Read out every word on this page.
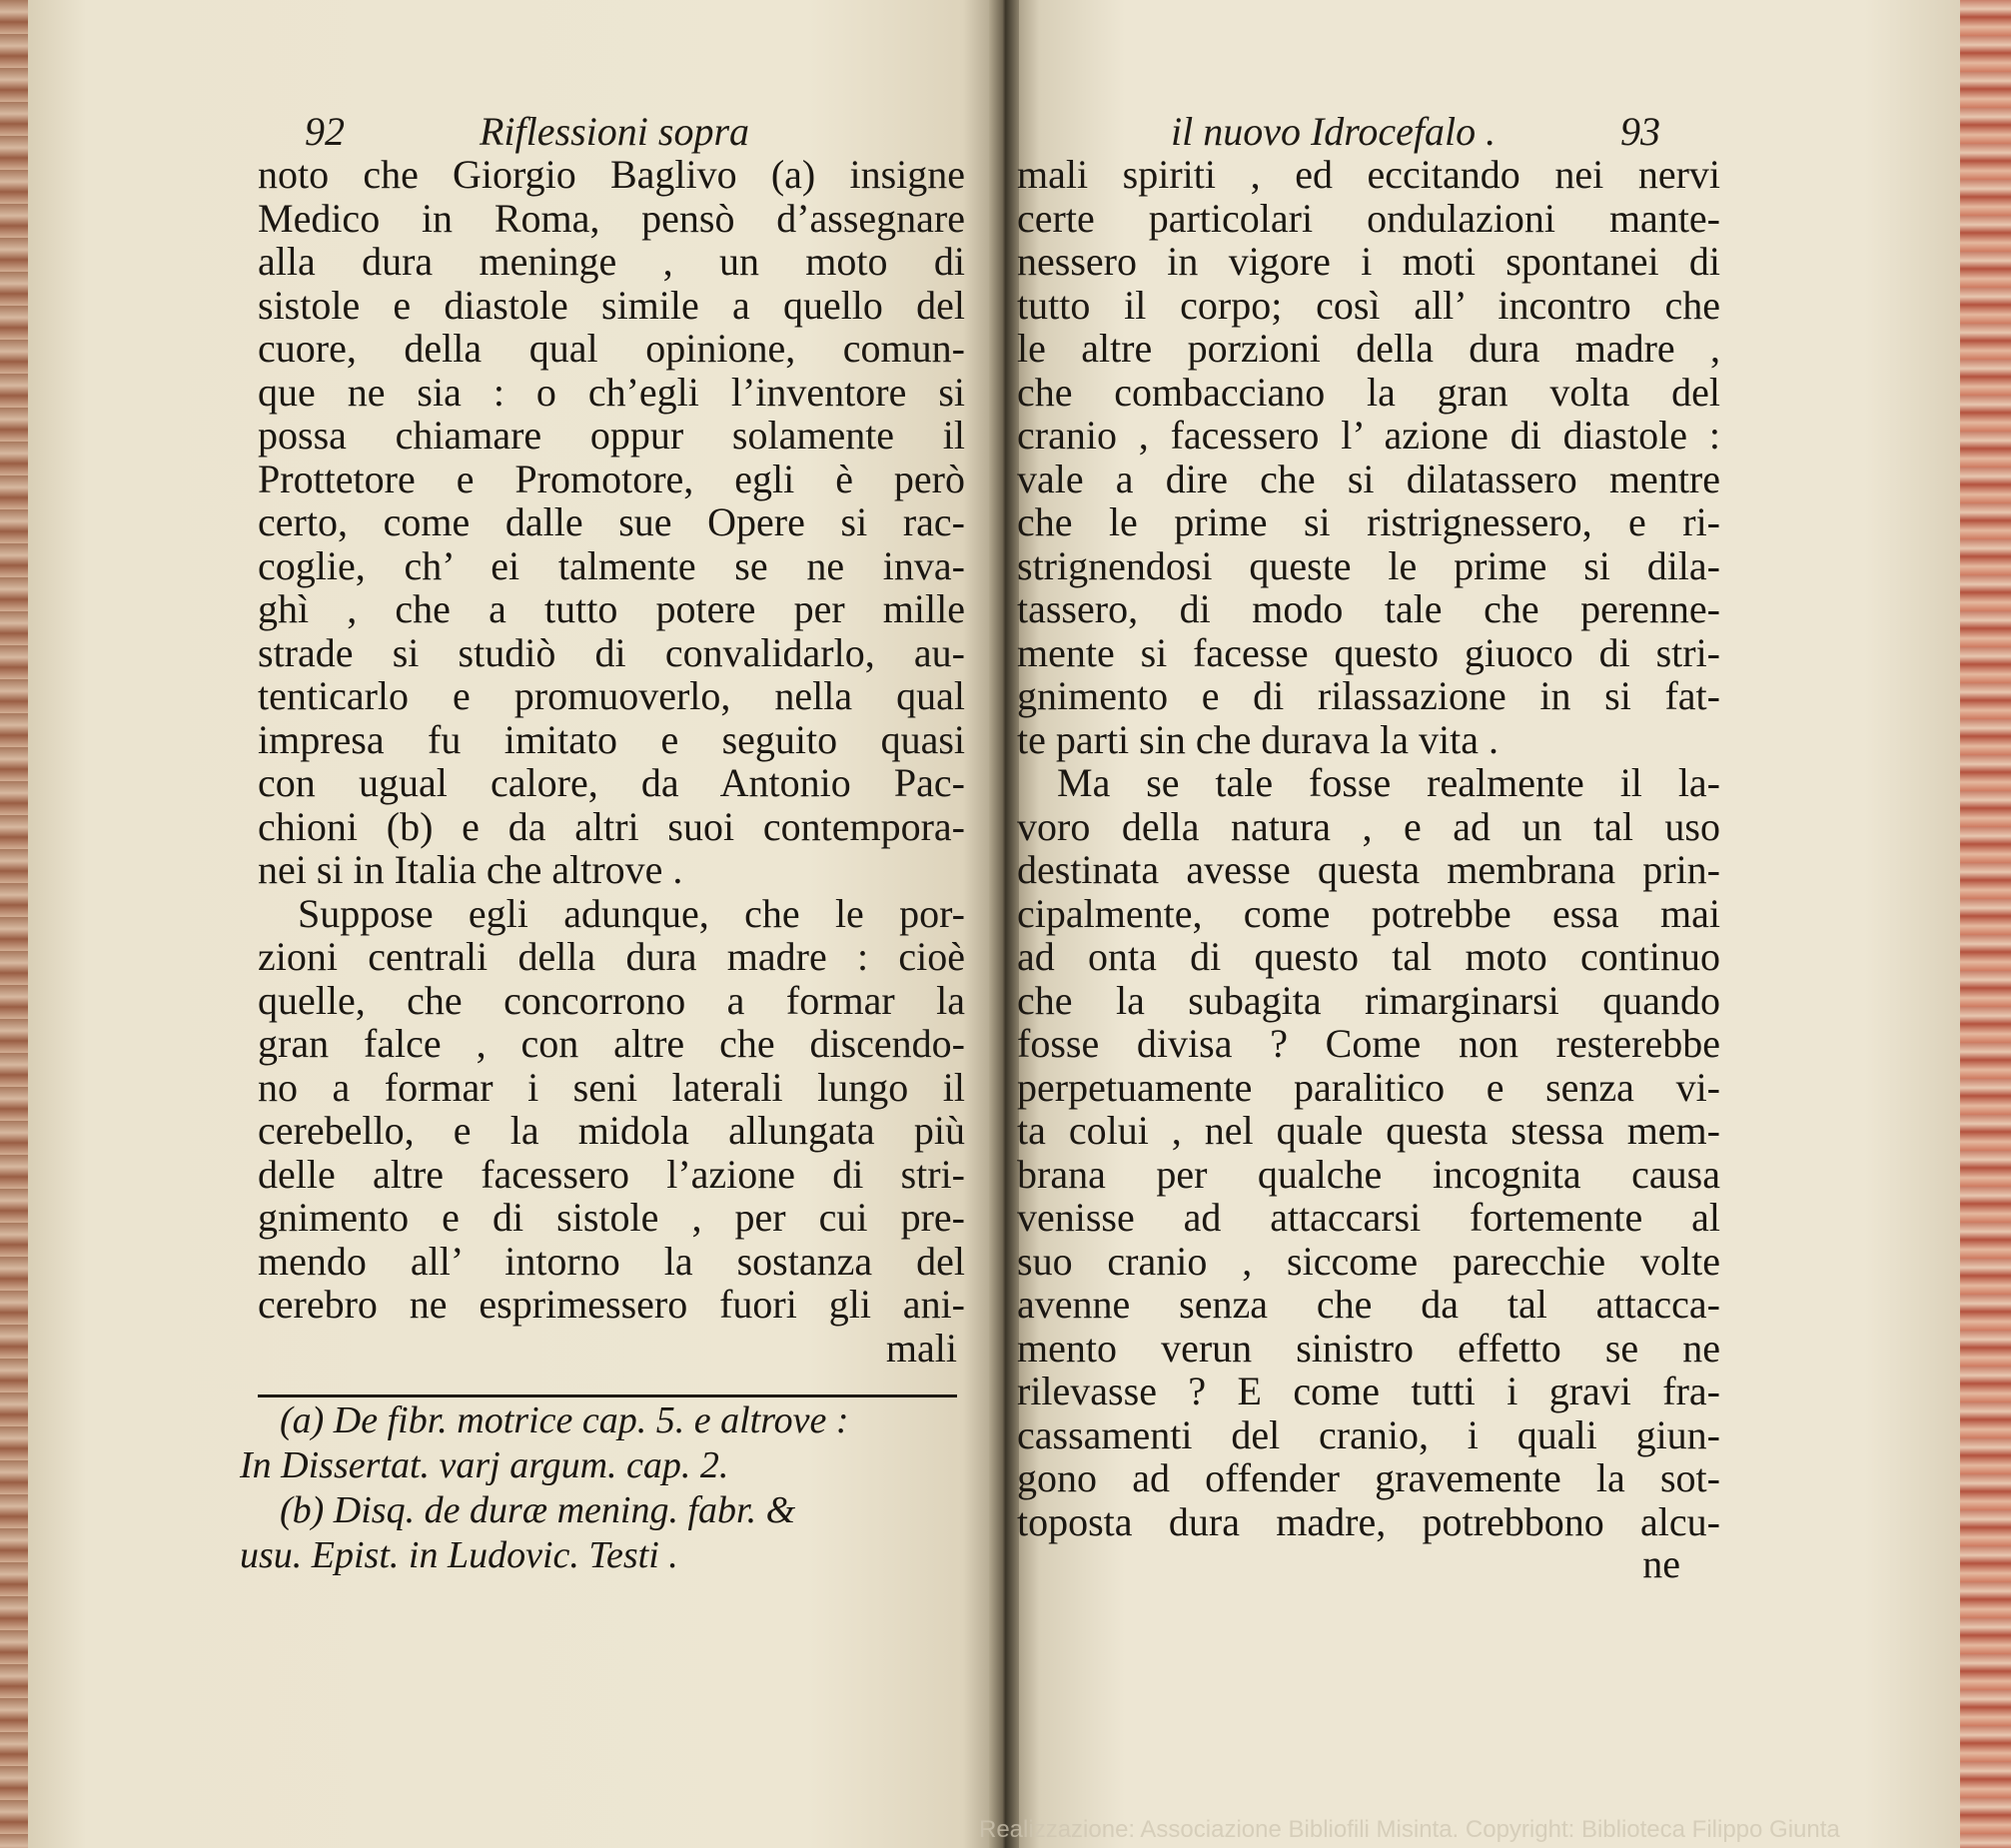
92	Riflessioni sopra	il nuovo Idrocefalo .	93
noto che Giorgio Baglivo (a) insigne
Medico in Roma, pensò d’assegnare
alla dura meninge , un moto di
sistole e diastole simile a quello del
cuore, della qual opinione, comun-
que ne sia : o ch’egli l’inventore si
possa chiamare oppur solamente il
Prottetore e Promotore, egli è però
certo, come dalle sue Opere si rac-
coglie, ch’ ei talmente se ne inva-
ghì , che a tutto potere per mille
strade si studiò di convalidarlo, au-
tenticarlo e promuoverlo, nella qual
impresa fu imitato e seguito quasi
con ugual calore, da Antonio Pac-
chioni (b) e da altri suoi contempora-
nei si in Italia che altrove .
Suppose egli adunque, che le por-
zioni centrali della dura madre : cioè
quelle, che concorrono a formar la
gran falce , con altre che discendo-
no a formar i seni laterali lungo il
cerebello, e la midola allungata più
delle altre facessero l’azione di stri-
gnimento e di sistole , per cui pre-
mendo all’ intorno la sostanza del
cerebro ne esprimessero fuori gli ani-
mali
(a) De fibr. motrice cap. 5. e altrove :
In Dissertat. varj argum. cap. 2.
(b) Disq. de duræ mening. fabr. &
usu. Epist. in Ludovic. Testi .
mali spiriti , ed eccitando nei nervi
certe particolari ondulazioni mante-
nessero in vigore i moti spontanei di
tutto il corpo; così all’ incontro che
le altre porzioni della dura madre ,
che combacciano la gran volta del
cranio , facessero l’ azione di diastole :
vale a dire che si dilatassero mentre
che le prime si ristrignessero, e ri-
strignendosi queste le prime si dila-
tassero, di modo tale che perenne-
mente si facesse questo giuoco di stri-
gnimento e di rilassazione in si fat-
te parti sin che durava la vita .
Ma se tale fosse realmente il la-
voro della natura , e ad un tal uso
destinata avesse questa membrana prin-
cipalmente, come potrebbe essa mai
ad onta di questo tal moto continuo
che la subagita rimarginarsi quando
fosse divisa ? Come non resterebbe
perpetuamente paralitico e senza vi-
ta colui , nel quale questa stessa mem-
brana per qualche incognita causa
venisse ad attaccarsi fortemente al
suo cranio , siccome parecchie volte
avenne senza che da tal attacca-
mento verun sinistro effetto se ne
rilevasse ? E come tutti i gravi fra-
cassamenti del cranio, i quali giun-
gono ad offender gravemente la sot-
toposta dura madre, potrebbono alcu-
ne
Realizzazione: Associazione Bibliofili Misinta. Copyright: Biblioteca Filippo Giunta
